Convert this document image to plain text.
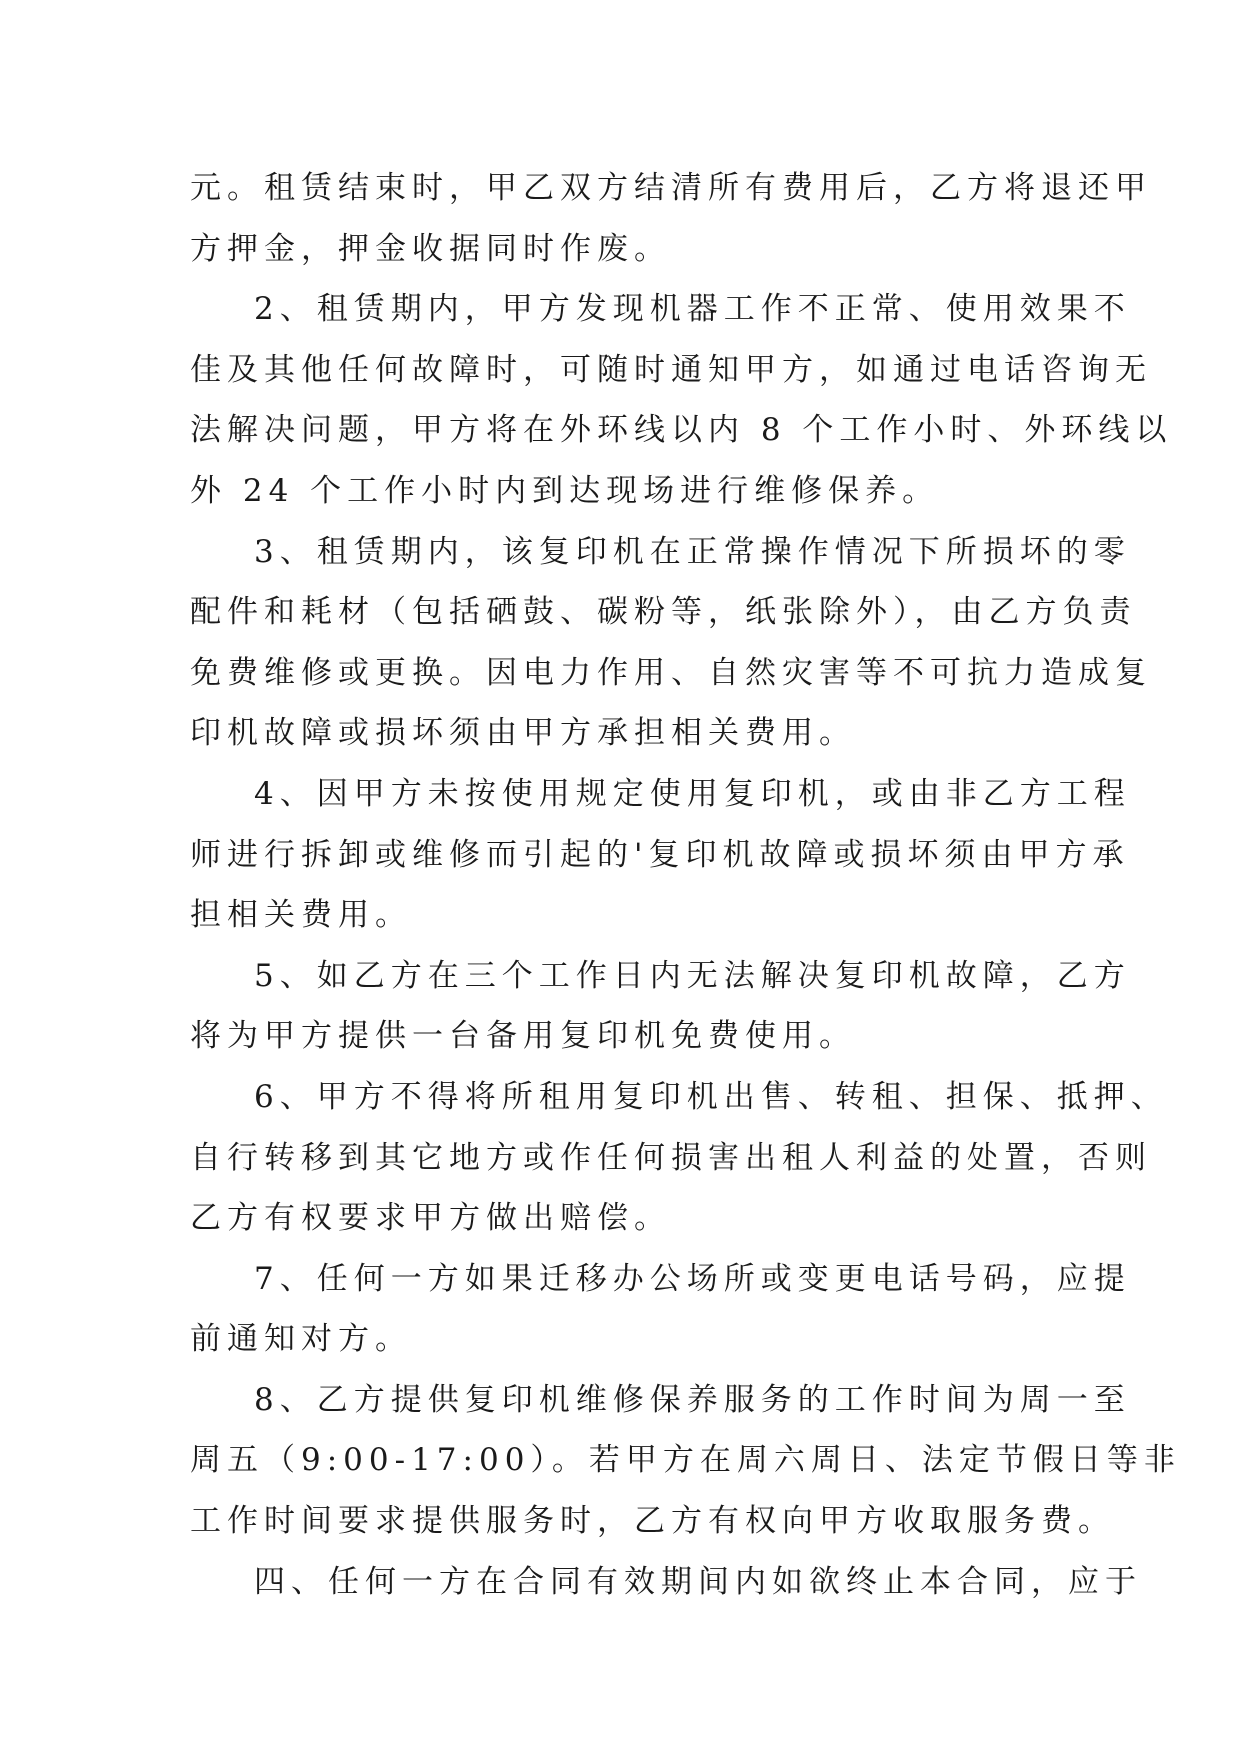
元。租赁结束时，甲乙双方结清所有费用后，乙方将退还甲
方押金，押金收据同时作废。
2、租赁期内，甲方发现机器工作不正常、使用效果不
佳及其他任何故障时，可随时通知甲方，如通过电话咨询无
法解决问题，甲方将在外环线以内 8 个工作小时、外环线以
外 24 个工作小时内到达现场进行维修保养。
3、租赁期内，该复印机在正常操作情况下所损坏的零
配件和耗材（包括硒鼓、碳粉等，纸张除外），由乙方负责
免费维修或更换。因电力作用、自然灾害等不可抗力造成复
印机故障或损坏须由甲方承担相关费用。
4、因甲方未按使用规定使用复印机，或由非乙方工程
师进行拆卸或维修而引起的'复印机故障或损坏须由甲方承
担相关费用。
5、如乙方在三个工作日内无法解决复印机故障，乙方
将为甲方提供一台备用复印机免费使用。
6、甲方不得将所租用复印机出售、转租、担保、抵押、
自行转移到其它地方或作任何损害出租人利益的处置，否则
乙方有权要求甲方做出赔偿。
7、任何一方如果迁移办公场所或变更电话号码，应提
前通知对方。
8、乙方提供复印机维修保养服务的工作时间为周一至
周五（9:00-17:00）。若甲方在周六周日、法定节假日等非
工作时间要求提供服务时，乙方有权向甲方收取服务费。
四、任何一方在合同有效期间内如欲终止本合同，应于
